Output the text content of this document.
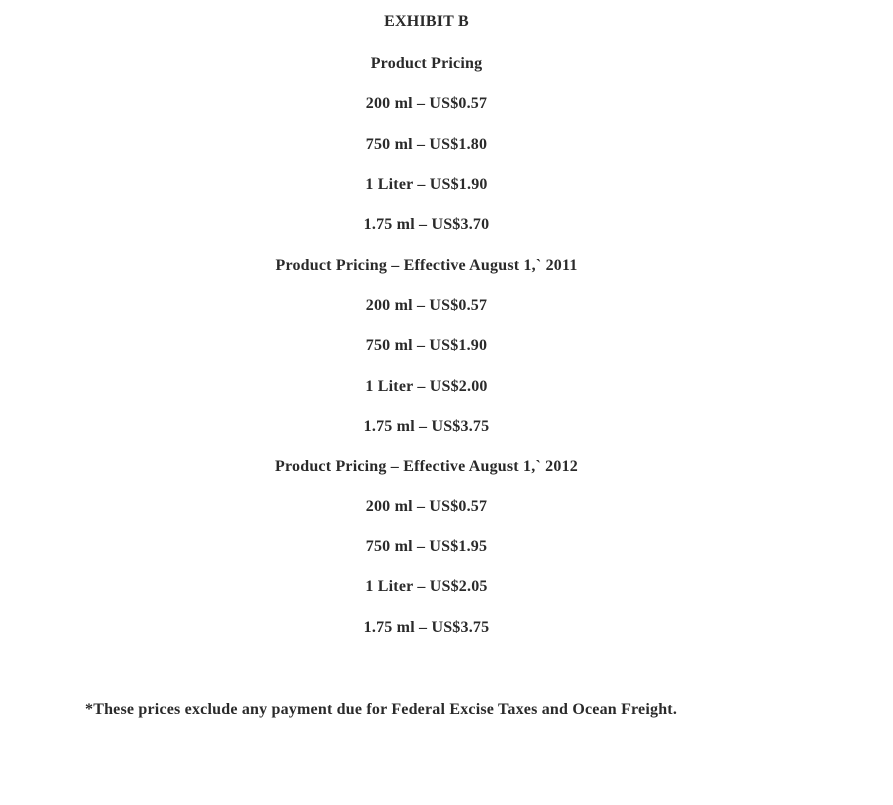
EXHIBIT B
Product Pricing
200 ml – US$0.57
750 ml – US$1.80
1 Liter – US$1.90
1.75 ml – US$3.70
Product Pricing – Effective August 1,` 2011
200 ml – US$0.57
750 ml – US$1.90
1 Liter – US$2.00
1.75 ml – US$3.75
Product Pricing – Effective August 1,` 2012
200 ml – US$0.57
750 ml – US$1.95
1 Liter – US$2.05
1.75 ml – US$3.75
*These prices exclude any payment due for Federal Excise Taxes and Ocean Freight.
